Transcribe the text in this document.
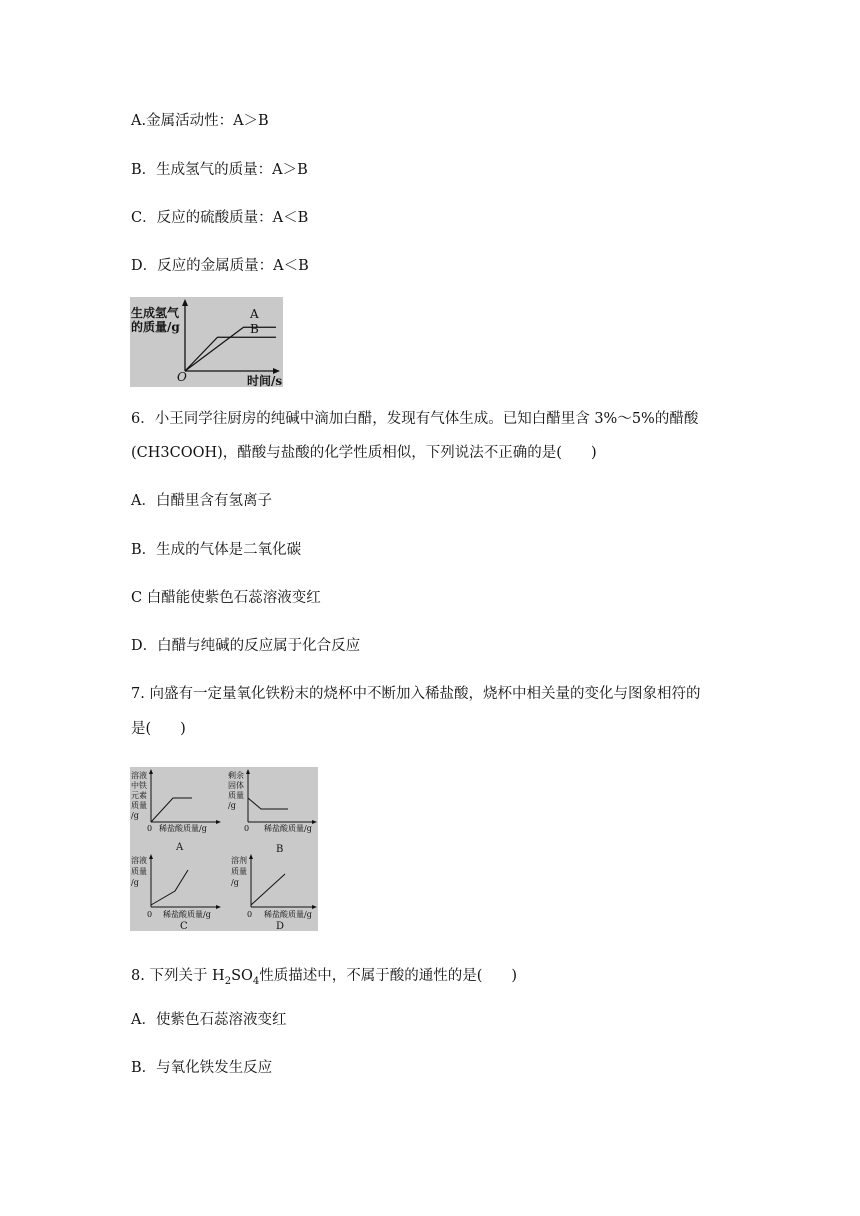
A.金属活动性：A＞B
B．生成氢气的质量：A＞B
C．反应的硫酸质量：A＜B
D．反应的金属质量：A＜B
生成氢气
的质量/g
A
B
O	时间/s
6．小王同学往厨房的纯碱中滴加白醋，发现有气体生成。已知白醋里含 3%～5%的醋酸
(CH3COOH)，醋酸与盐酸的化学性质相似，下列说法不正确的是(　　)
A．白醋里含有氢离子
B．生成的气体是二氧化碳
C 白醋能使紫色石蕊溶液变红
D．白醋与纯碱的反应属于化合反应
7. 向盛有一定量氧化铁粉末的烧杯中不断加入稀盐酸，烧杯中相关量的变化与图象相符的
是(　　)
溶液
中铁
元素
质量
/g
0 稀盐酸质量/g
A
剩余
固体
质量
/g
0 稀盐酸质量/g
B
溶液
质量
/g
0 稀盐酸质量/g
C
溶剂
质量
/g
0 稀盐酸质量/g
D
8. 下列关于 $H_2SO_4$性质描述中，不属于酸的通性的是(　　)
A．使紫色石蕊溶液变红
B．与氧化铁发生反应
